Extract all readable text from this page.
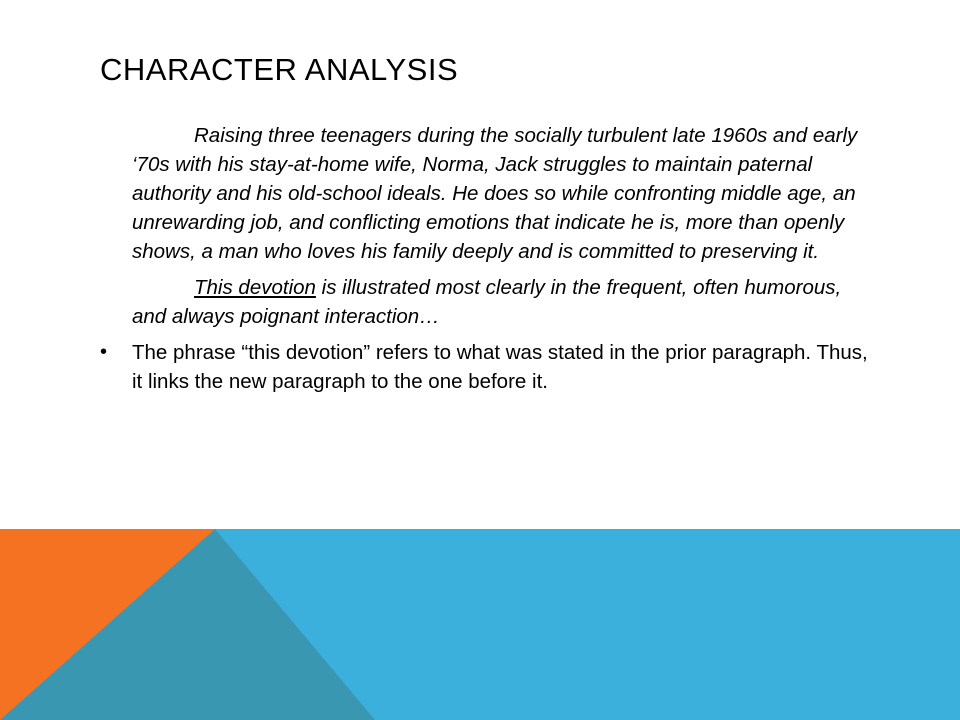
CHARACTER ANALYSIS

Raising three teenagers during the socially turbulent late 1960s and early ‘70s with his stay-at-home wife, Norma, Jack struggles to maintain paternal authority and his old-school ideals. He does so while confronting middle age, an unrewarding job, and conflicting emotions that indicate he is, more than openly shows, a man who loves his family deeply and is committed to preserving it.

This devotion is illustrated most clearly in the frequent, often humorous, and always poignant interaction…

• The phrase “this devotion” refers to what was stated in the prior paragraph. Thus, it links the new paragraph to the one before it.
